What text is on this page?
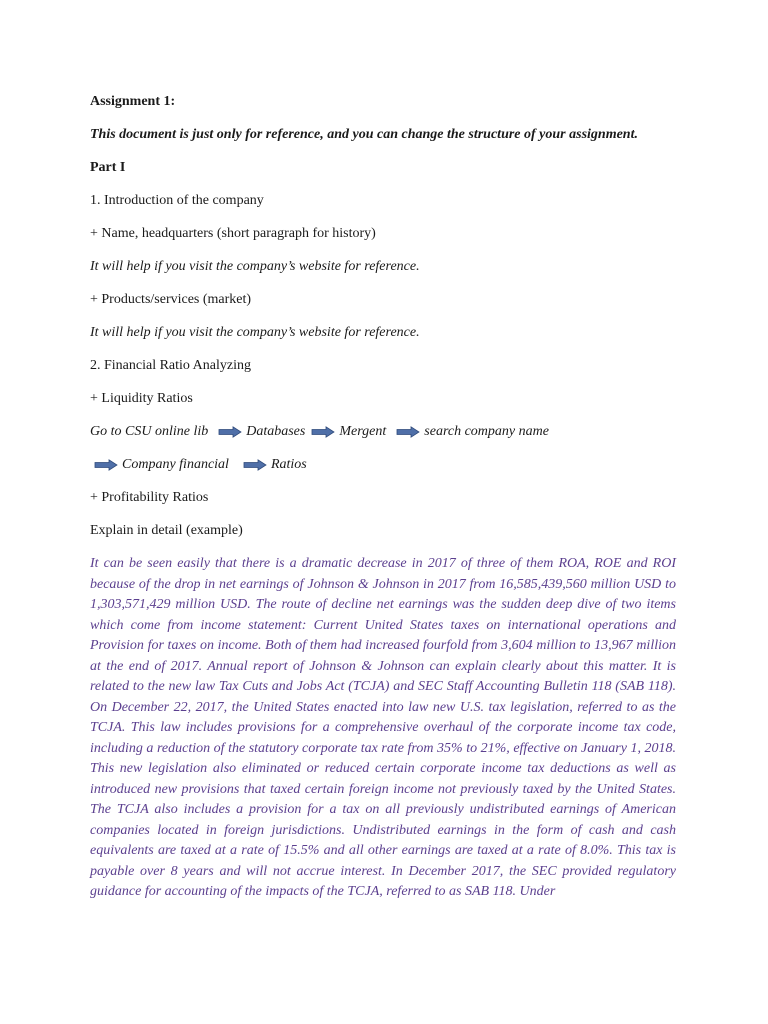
Assignment 1:
This document is just only for reference, and you can change the structure of your assignment.
Part I
1. Introduction of the company
+ Name, headquarters (short paragraph for history)
It will help if you visit the company’s website for reference.
+ Products/services (market)
It will help if you visit the company’s website for reference.
2. Financial Ratio Analyzing
+ Liquidity Ratios
Go to CSU online lib	Databases Mergent	search company name
Company financial	Ratios
+ Profitability Ratios
Explain in detail (example)

It can be seen easily that there is a dramatic decrease in 2017 of three of them ROA, ROE and ROI because of the drop in net earnings of Johnson & Johnson in 2017 from 16,585,439,560 million USD to 1,303,571,429 million USD. The route of decline net earnings was the sudden deep dive of two items which come from income statement: Current United States taxes on international operations and Provision for taxes on income. Both of them had increased fourfold from 3,604 million to 13,967 million at the end of 2017. Annual report of Johnson & Johnson can explain clearly about this matter. It is related to the new law Tax Cuts and Jobs Act (TCJA) and SEC Staff Accounting Bulletin 118 (SAB 118). On December 22, 2017, the United States enacted into law new U.S. tax legislation, referred to as the TCJA. This law includes provisions for a comprehensive overhaul of the corporate income tax code, including a reduction of the statutory corporate tax rate from 35% to 21%, effective on January 1, 2018. This new legislation also eliminated or reduced certain corporate income tax deductions as well as introduced new provisions that taxed certain foreign income not previously taxed by the United States. The TCJA also includes a provision for a tax on all previously undistributed earnings of American companies located in foreign jurisdictions. Undistributed earnings in the form of cash and cash equivalents are taxed at a rate of 15.5% and all other earnings are taxed at a rate of 8.0%. This tax is payable over 8 years and will not accrue interest. In December 2017, the SEC provided regulatory guidance for accounting of the impacts of the TCJA, referred to as SAB 118. Under
